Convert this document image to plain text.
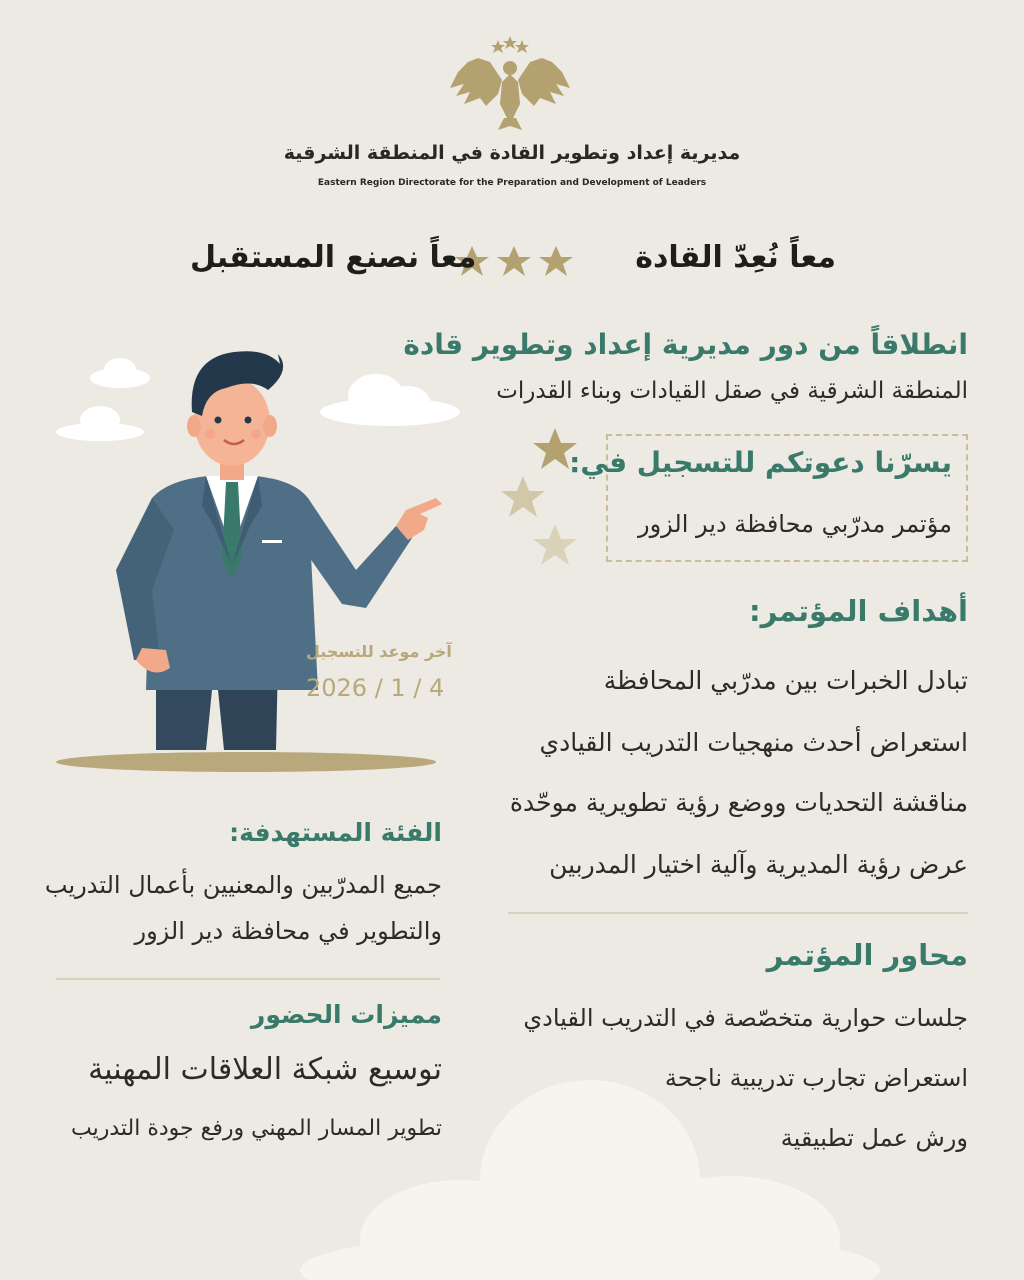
مديرية إعداد وتطوير القادة في المنطقة الشرقية
Eastern Region Directorate for the Preparation and Development of Leaders
معاً نُعِدّ القادة
معاً نصنع المستقبل
انطلاقاً من دور مديرية إعداد وتطوير قادة
المنطقة الشرقية في صقل القيادات وبناء القدرات
يسرّنا دعوتكم للتسجيل في:
مؤتمر مدرّبي محافظة دير الزور
أهداف المؤتمر:
تبادل الخبرات بين مدرّبي المحافظة
استعراض أحدث منهجيات التدريب القيادي
مناقشة التحديات ووضع رؤية تطويرية موحّدة
عرض رؤية المديرية وآلية اختيار المدربين
محاور المؤتمر
جلسات حوارية متخصّصة في التدريب القيادي
استعراض تجارب تدريبية ناجحة
ورش عمل تطبيقية
آخر موعد للتسجيل
2026 / 1 / 4
الفئة المستهدفة:
جميع المدرّبين والمعنيين بأعمال التدريب والتطوير في محافظة دير الزور
مميزات الحضور
توسيع شبكة العلاقات المهنية
تطوير المسار المهني ورفع جودة التدريب
